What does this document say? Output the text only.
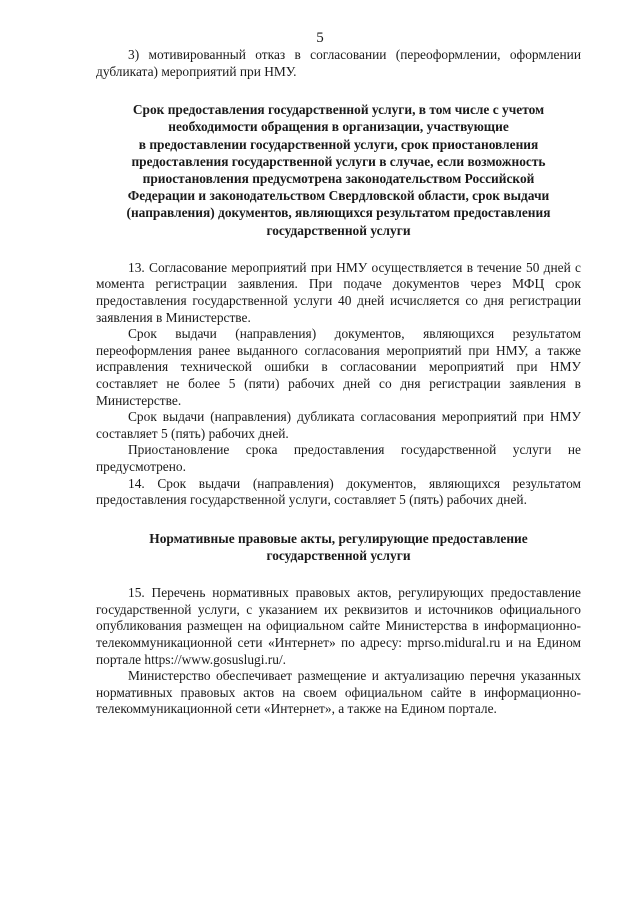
5

3) мотивированный отказ в согласовании (переоформлении, оформлении дубликата) мероприятий при НМУ.

Срок предоставления государственной услуги, в том числе с учетом
необходимости обращения в организации, участвующие
в предоставлении государственной услуги, срок приостановления
предоставления государственной услуги в случае, если возможность
приостановления предусмотрена законодательством Российской
Федерации и законодательством Свердловской области, срок выдачи
(направления) документов, являющихся результатом предоставления
государственной услуги

13. Согласование мероприятий при НМУ осуществляется в течение 50 дней с момента регистрации заявления. При подаче документов через МФЦ срок предоставления государственной услуги 40 дней исчисляется со дня регистрации заявления в Министерстве.

Срок выдачи (направления) документов, являющихся результатом переоформления ранее выданного согласования мероприятий при НМУ, а также исправления технической ошибки в согласовании мероприятий при НМУ составляет не более 5 (пяти) рабочих дней со дня регистрации заявления в Министерстве.

Срок выдачи (направления) дубликата согласования мероприятий при НМУ составляет 5 (пять) рабочих дней.

Приостановление срока предоставления государственной услуги не предусмотрено.

14. Срок выдачи (направления) документов, являющихся результатом предоставления государственной услуги, составляет 5 (пять) рабочих дней.

Нормативные правовые акты, регулирующие предоставление
государственной услуги

15. Перечень нормативных правовых актов, регулирующих предоставление государственной услуги, с указанием их реквизитов и источников официального опубликования размещен на официальном сайте Министерства в информационно-телекоммуникационной сети «Интернет» по адресу: mprso.midural.ru и на Едином портале https://www.gosuslugi.ru/.

Министерство обеспечивает размещение и актуализацию перечня указанных нормативных правовых актов на своем официальном сайте в информационно-телекоммуникационной сети «Интернет», а также на Едином портале.
